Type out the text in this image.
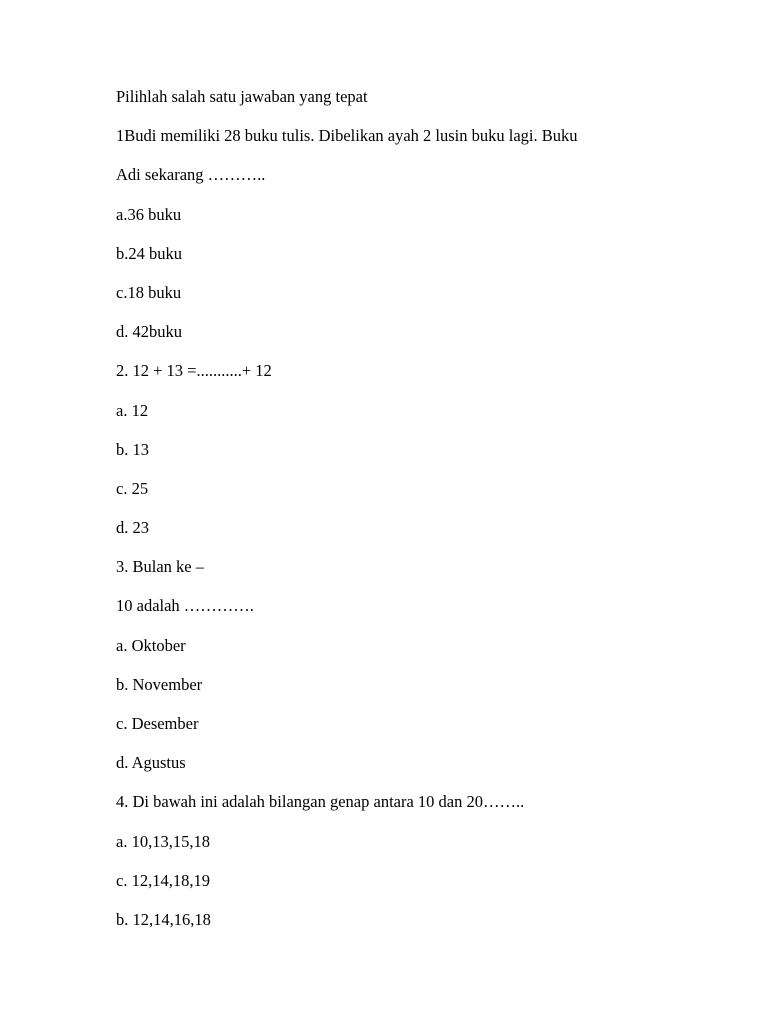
Pilihlah salah satu jawaban yang tepat
1Budi memiliki 28 buku tulis. Dibelikan ayah 2 lusin buku lagi. Buku
Adi sekarang ………..
a.36 buku
b.24 buku
c.18 buku
d. 42buku
2. 12 + 13 =...........+ 12
a. 12
b. 13
c. 25
d. 23
3. Bulan ke –
10 adalah ………….
a. Oktober
b. November
c. Desember
d. Agustus
4. Di bawah ini adalah bilangan genap antara 10 dan 20……..
a. 10,13,15,18
c. 12,14,18,19
b. 12,14,16,18
